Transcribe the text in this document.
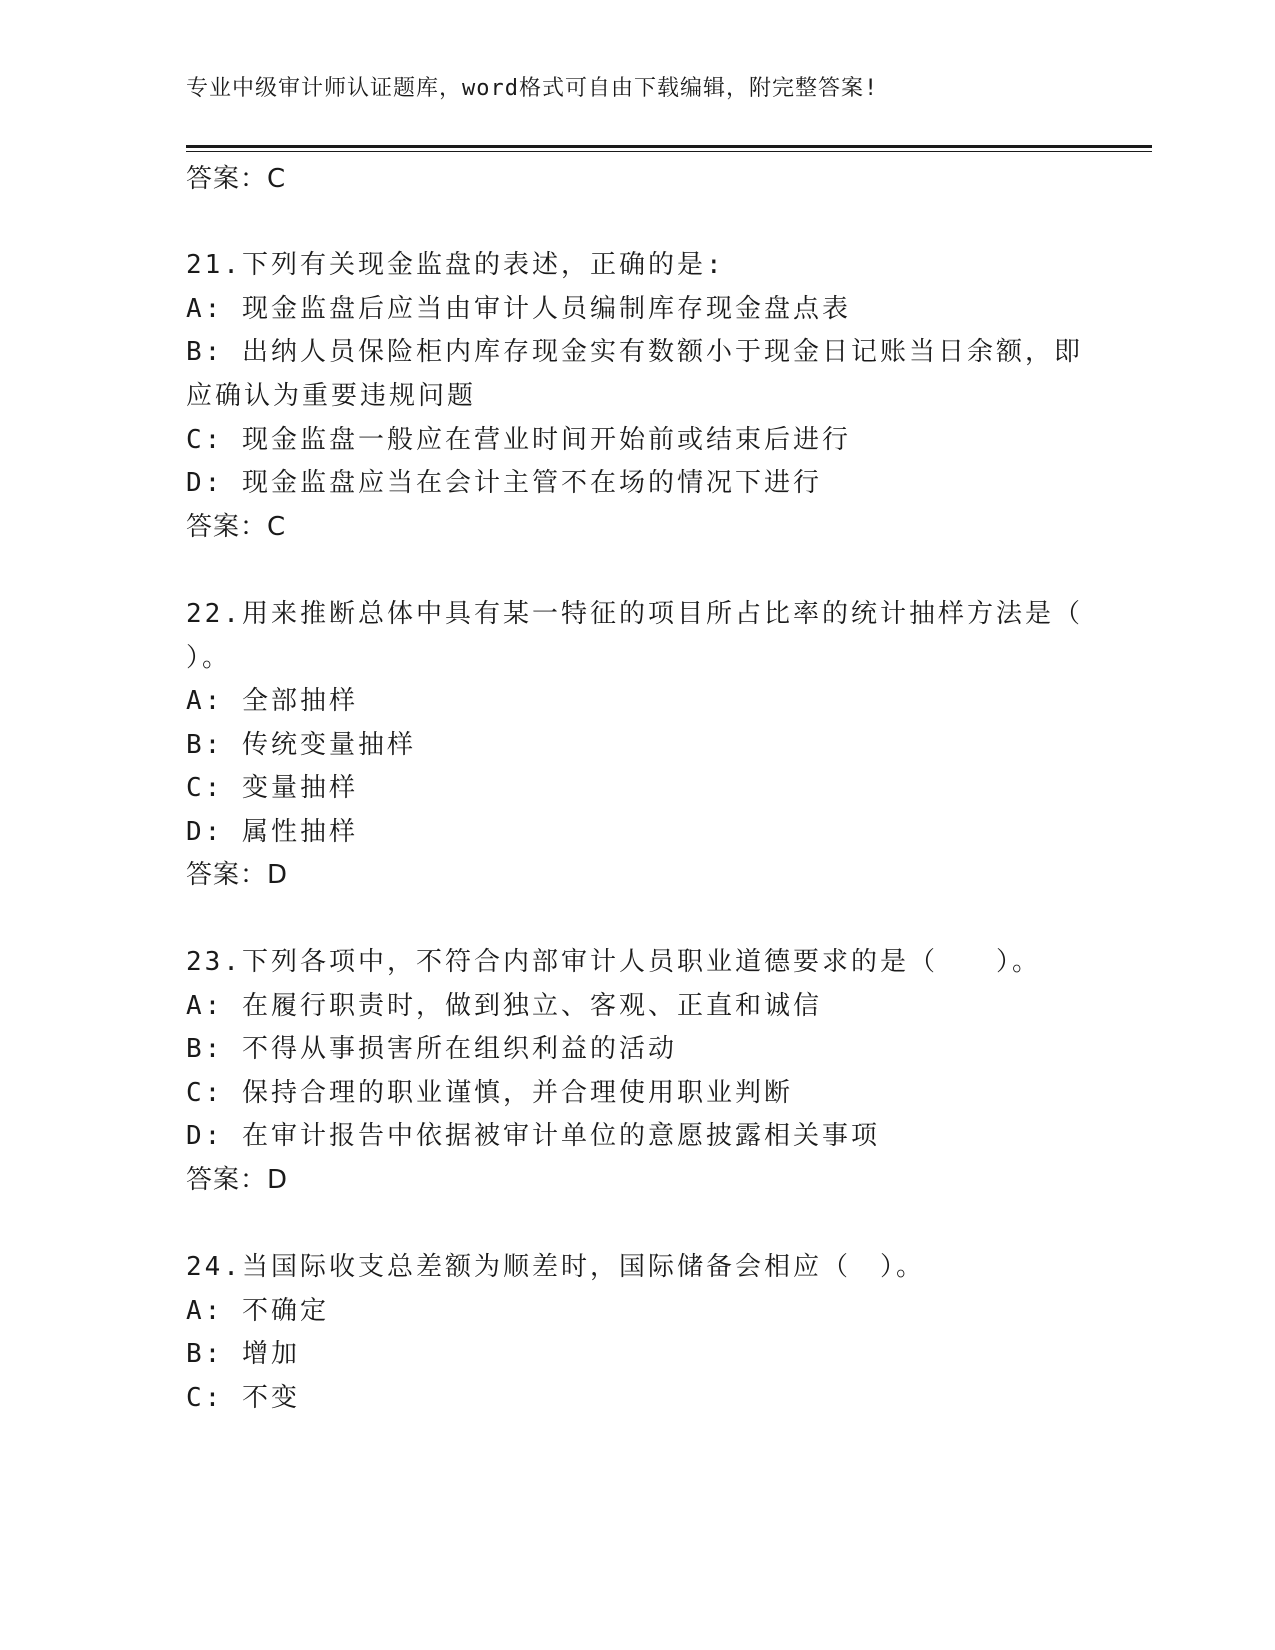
专业中级审计师认证题库，word格式可自由下载编辑，附完整答案!
答案：C
21.下列有关现金监盘的表述，正确的是:
A: 现金监盘后应当由审计人员编制库存现金盘点表
B: 出纳人员保险柜内库存现金实有数额小于现金日记账当日余额，即
应确认为重要违规问题
C: 现金监盘一般应在营业时间开始前或结束后进行
D: 现金监盘应当在会计主管不在场的情况下进行
答案：C
22.用来推断总体中具有某一特征的项目所占比率的统计抽样方法是（
）。
A: 全部抽样
B: 传统变量抽样
C: 变量抽样
D: 属性抽样
答案：D
23.下列各项中，不符合内部审计人员职业道德要求的是（　　）。
A: 在履行职责时，做到独立、客观、正直和诚信
B: 不得从事损害所在组织利益的活动
C: 保持合理的职业谨慎，并合理使用职业判断
D: 在审计报告中依据被审计单位的意愿披露相关事项
答案：D
24.当国际收支总差额为顺差时，国际储备会相应（　）。
A: 不确定
B: 增加
C: 不变
